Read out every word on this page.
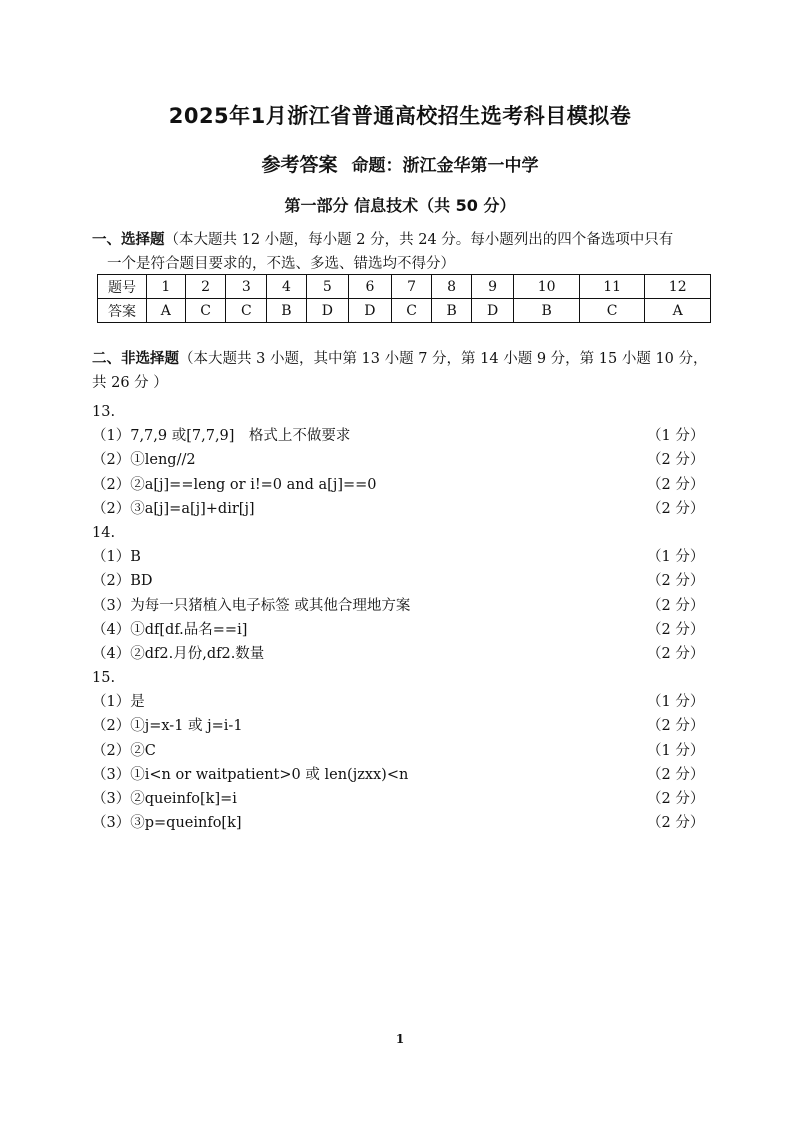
2025年1月浙江省普通高校招生选考科目模拟卷
参考答案 命题：浙江金华第一中学
第一部分 信息技术（共 50 分）
一、选择题（本大题共 12 小题，每小题 2 分，共 24 分。每小题列出的四个备选项中只有
一个是符合题目要求的，不选、多选、错选均不得分）
题号	1	2	3	4	5	6	7	8	9	10	11	12
答案	A	C	C	B	D	D	C	B	D	B	C	A
二、非选择题（本大题共 3 小题，其中第 13 小题 7 分，第 14 小题 9 分，第 15 小题 10 分，
共 26 分 ）
13.
（1）7,7,9 或[7,7,9]　格式上不做要求	（1 分）
（2）①leng//2	（2 分）
（2）②a[j]==leng or i!=0 and a[j]==0	（2 分）
（2）③a[j]=a[j]+dir[j]	（2 分）
14.
（1）B	（1 分）
（2）BD	（2 分）
（3）为每一只猪植入电子标签 或其他合理地方案	（2 分）
（4）①df[df.品名==i]	（2 分）
（4）②df2.月份,df2.数量	（2 分）
15.
（1）是	（1 分）
（2）①j=x-1 或 j=i-1	（2 分）
（2）②C	（1 分）
（3）①i<n or waitpatient>0 或 len(jzxx)<n	（2 分）
（3）②queinfo[k]=i	（2 分）
（3）③p=queinfo[k]	（2 分）
1
